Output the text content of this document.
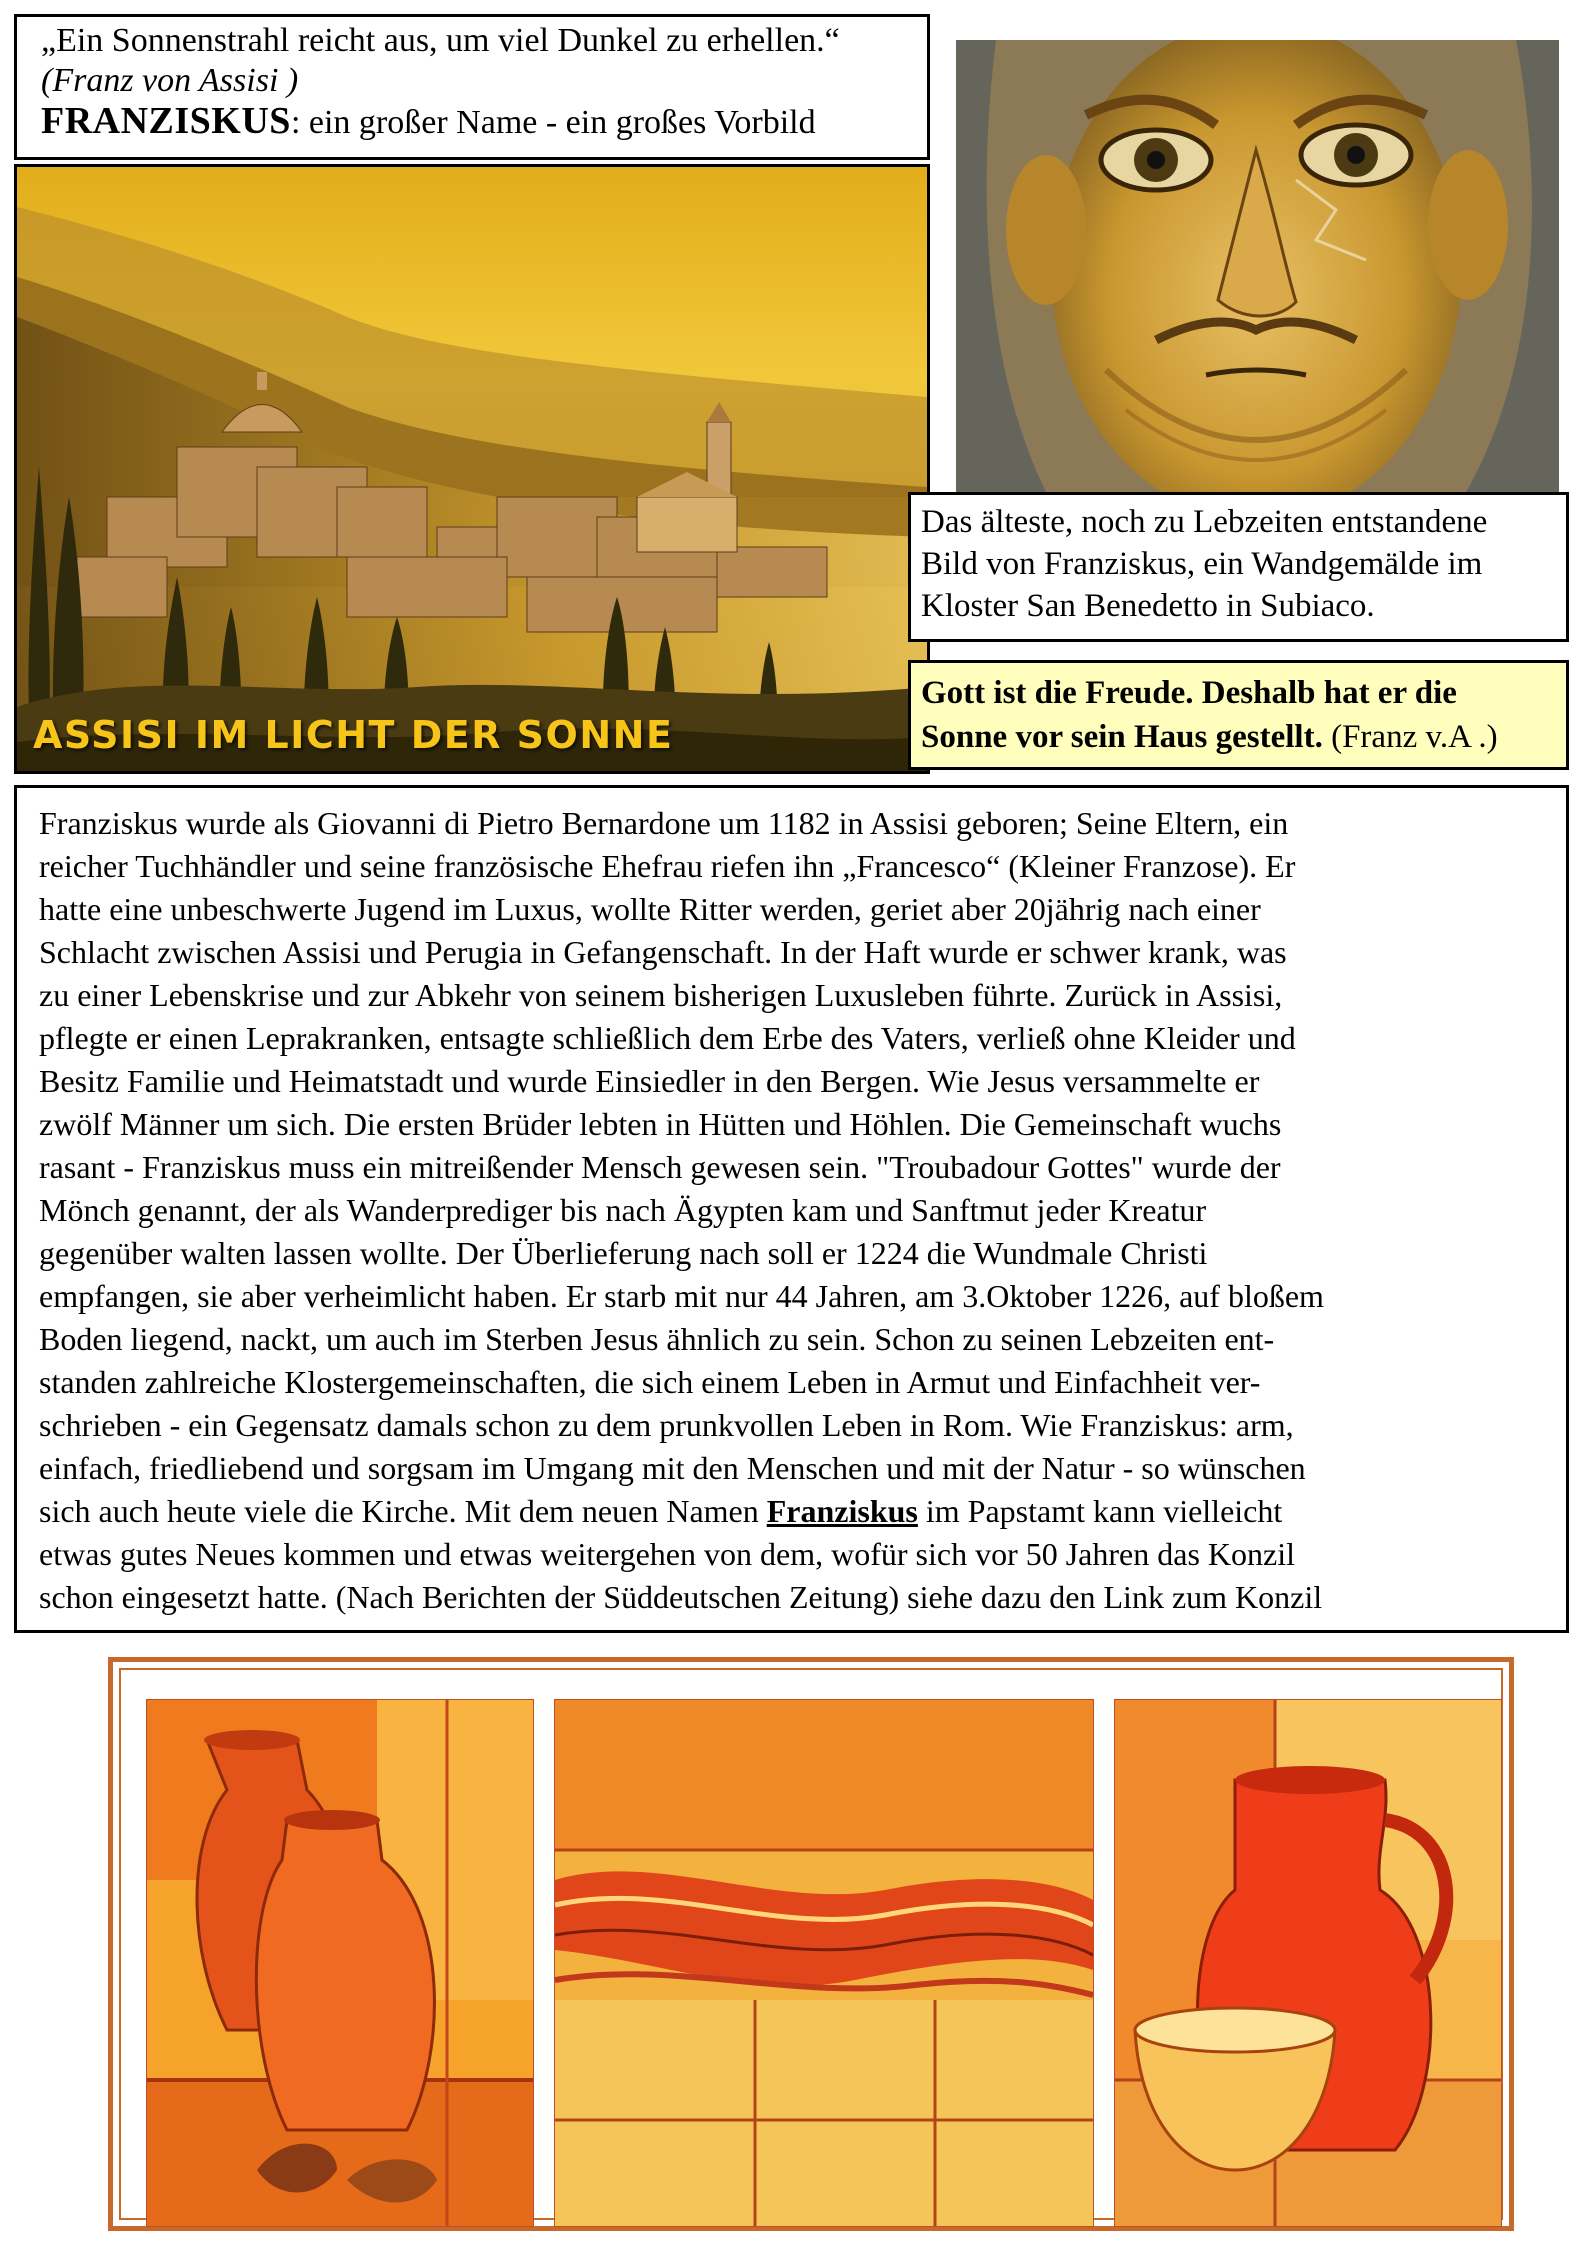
„Ein Sonnenstrahl reicht aus, um viel Dunkel zu erhellen.“

(Franz von Assisi )

FRANZISKUS: ein großer Name - ein großes Vorbild

ASSISI IM LICHT DER SONNE
Das älteste, noch zu Lebzeiten entstandene
Bild von Franziskus, ein Wandgemälde im
Kloster San Benedetto in Subiaco.
Gott ist die Freude. Deshalb hat er die
Sonne vor sein Haus gestellt. (Franz v.A .)

Franziskus wurde als Giovanni di Pietro Bernardone um 1182 in Assisi geboren; Seine Eltern, ein
reicher Tuchhändler und seine französische Ehefrau riefen ihn „Francesco“ (Kleiner Franzose). Er
hatte eine unbeschwerte Jugend im Luxus, wollte Ritter werden, geriet aber 20jährig nach einer
Schlacht zwischen Assisi und Perugia in Gefangenschaft. In der Haft wurde er schwer krank, was
zu einer Lebenskrise und zur Abkehr von seinem bisherigen Luxusleben führte. Zurück in Assisi,
pflegte er einen Leprakranken, entsagte schließlich dem Erbe des Vaters, verließ ohne Kleider und
Besitz Familie und Heimatstadt und wurde Einsiedler in den Bergen. Wie Jesus versammelte er
zwölf Männer um sich. Die ersten Brüder lebten in Hütten und Höhlen. Die Gemeinschaft wuchs
rasant - Franziskus muss ein mitreißender Mensch gewesen sein. "Troubadour Gottes" wurde der
Mönch genannt, der als Wanderprediger bis nach Ägypten kam und Sanftmut jeder Kreatur
gegenüber walten lassen wollte. Der Überlieferung nach soll er 1224 die Wundmale Christi
empfangen, sie aber verheimlicht haben. Er starb mit nur 44 Jahren, am 3.Oktober 1226, auf bloßem
Boden liegend, nackt, um auch im Sterben Jesus ähnlich zu sein. Schon zu seinen Lebzeiten ent-
standen zahlreiche Klostergemeinschaften, die sich einem Leben in Armut und Einfachheit ver-
schrieben - ein Gegensatz damals schon zu dem prunkvollen Leben in Rom. Wie Franziskus: arm,
einfach, friedliebend und sorgsam im Umgang mit den Menschen und mit der Natur - so wünschen
sich auch heute viele die Kirche. Mit dem neuen Namen Franziskus im Papstamt kann vielleicht
etwas gutes Neues kommen und etwas weitergehen von dem, wofür sich vor 50 Jahren das Konzil
schon eingesetzt hatte. (Nach Berichten der Süddeutschen Zeitung) siehe dazu den Link zum Konzil
